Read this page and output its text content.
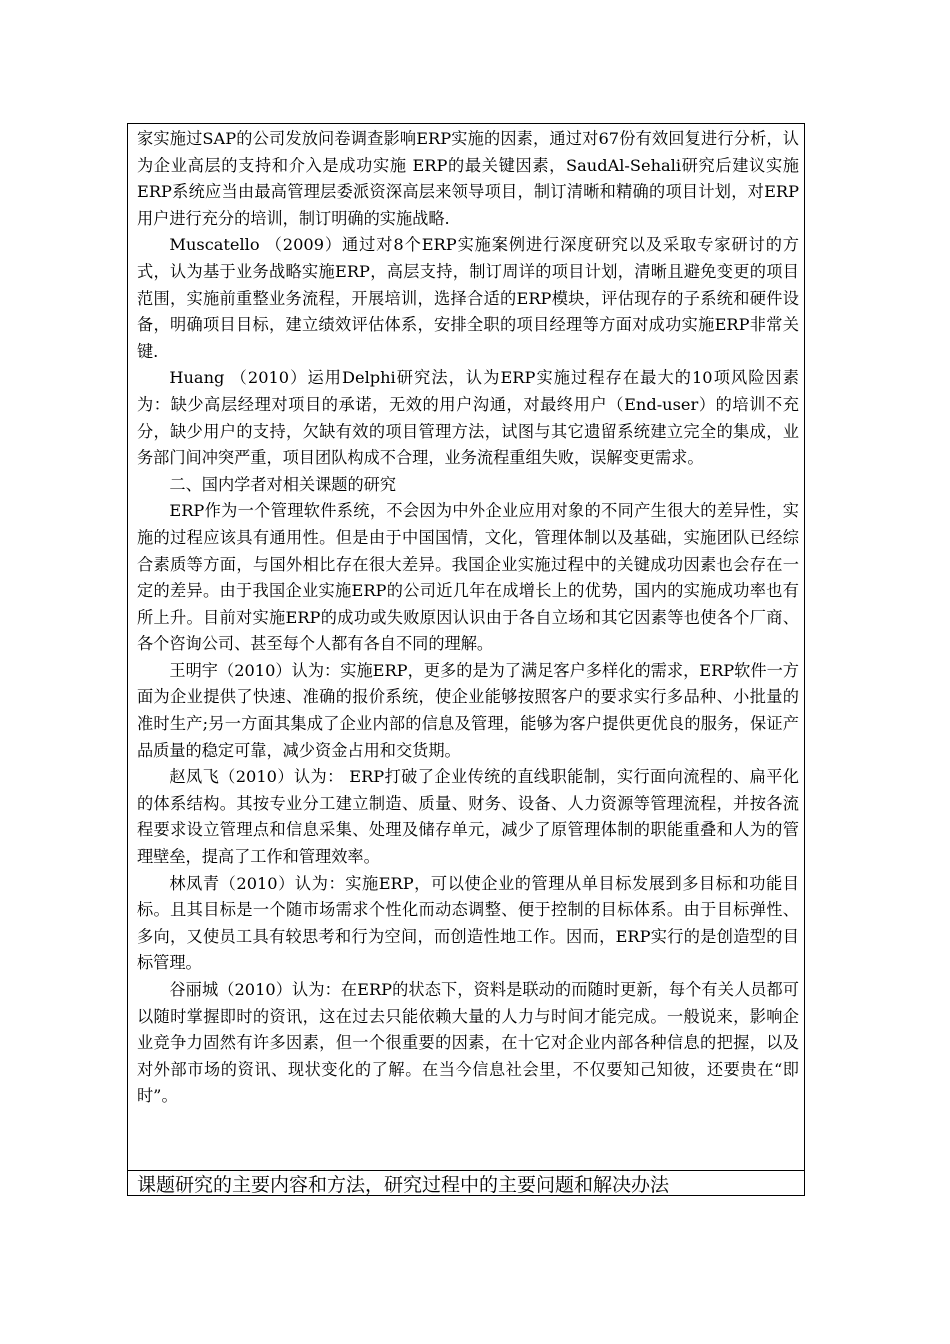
家实施过SAP的公司发放问卷调查影响ERP实施的因素，通过对67份有效回复进行分析，认为企业高层的支持和介入是成功实施 ERP的最关键因素，SaudAl-Sehali研究后建议实施ERP系统应当由最高管理层委派资深高层来领导项目，制订清晰和精确的项目计划，对ERP用户进行充分的培训，制订明确的实施战略.

Muscatello （2009）通过对8个ERP实施案例进行深度研究以及采取专家研讨的方式，认为基于业务战略实施ERP，高层支持，制订周详的项目计划，清晰且避免变更的项目范围，实施前重整业务流程，开展培训，选择合适的ERP模块，评估现存的子系统和硬件设备，明确项目目标，建立绩效评估体系，安排全职的项目经理等方面对成功实施ERP非常关键.

Huang （2010）运用Delphi研究法，认为ERP实施过程存在最大的10项风险因素为：缺少高层经理对项目的承诺，无效的用户沟通，对最终用户（End-user）的培训不充分，缺少用户的支持，欠缺有效的项目管理方法，试图与其它遗留系统建立完全的集成，业务部门间冲突严重，项目团队构成不合理，业务流程重组失败，误解变更需求。

二、国内学者对相关课题的研究

ERP作为一个管理软件系统，不会因为中外企业应用对象的不同产生很大的差异性，实施的过程应该具有通用性。但是由于中国国情，文化，管理体制以及基础，实施团队已经综合素质等方面，与国外相比存在很大差异。我国企业实施过程中的关键成功因素也会存在一定的差异。由于我国企业实施ERP的公司近几年在成增长上的优势，国内的实施成功率也有所上升。目前对实施ERP的成功或失败原因认识由于各自立场和其它因素等也使各个厂商、各个咨询公司、甚至每个人都有各自不同的理解。

王明宇（2010）认为：实施ERP，更多的是为了满足客户多样化的需求，ERP软件一方面为企业提供了快速、准确的报价系统，使企业能够按照客户的要求实行多品种、小批量的准时生产;另一方面其集成了企业内部的信息及管理，能够为客户提供更优良的服务，保证产品质量的稳定可靠，减少资金占用和交货期。

赵凤飞（2010）认为： ERP打破了企业传统的直线职能制，实行面向流程的、扁平化的体系结构。其按专业分工建立制造、质量、财务、设备、人力资源等管理流程，并按各流程要求设立管理点和信息采集、处理及储存单元，减少了原管理体制的职能重叠和人为的管理壁垒，提高了工作和管理效率。

林凤青（2010）认为：实施ERP，可以使企业的管理从单目标发展到多目标和功能目标。且其目标是一个随市场需求个性化而动态调整、便于控制的目标体系。由于目标弹性、多向，又使员工具有较思考和行为空间，而创造性地工作。因而，ERP实行的是创造型的目标管理。

谷丽城（2010）认为：在ERP的状态下，资料是联动的而随时更新，每个有关人员都可以随时掌握即时的资讯，这在过去只能依赖大量的人力与时间才能完成。一般说来，影响企业竞争力固然有许多因素，但一个很重要的因素，在十它对企业内部各种信息的把握，以及对外部市场的资讯、现状变化的了解。在当今信息社会里，不仅要知己知彼，还要贵在“即时”。

课题研究的主要内容和方法，研究过程中的主要问题和解决办法
